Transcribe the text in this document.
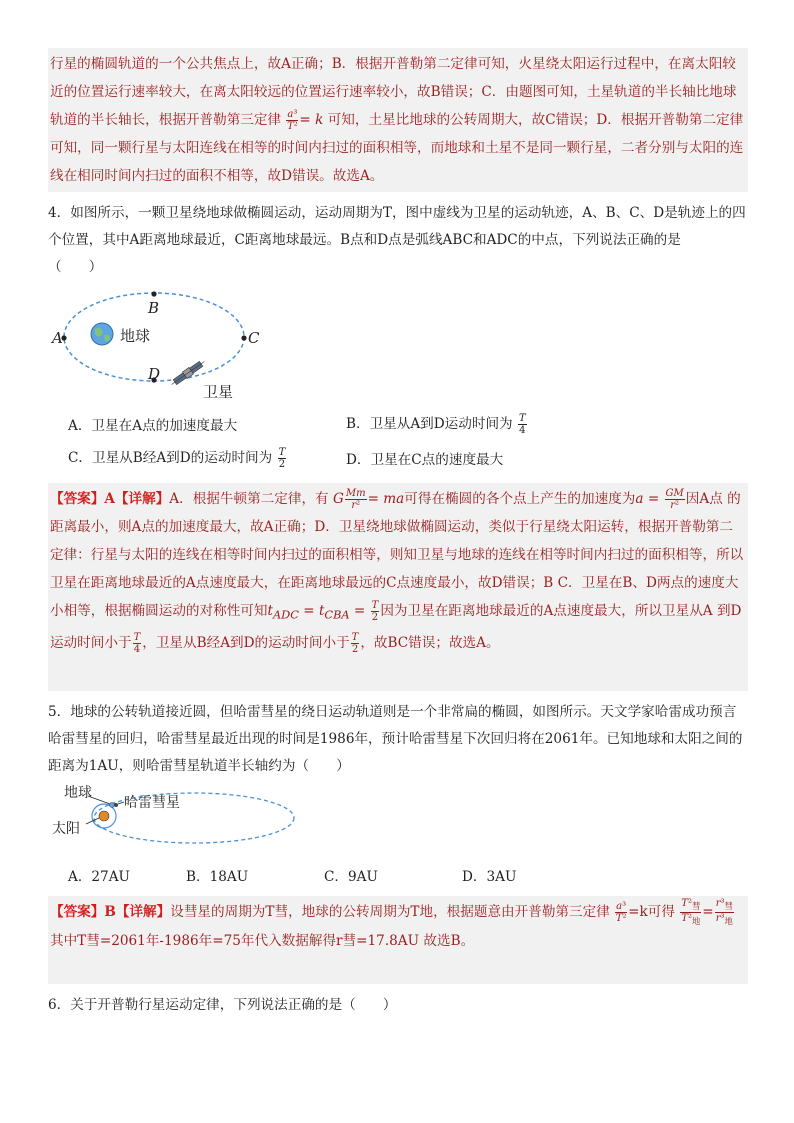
行星的椭圆轨道的一个公共焦点上，故A正确；B．根据开普勒第二定律可知，火星绕太阳运行过程中，在离太阳较近的位置运行速率较大，在离太阳较远的位置运行速率较小，故B错误；C．由题图可知，土星轨道的半长轴比地球轨道的半长轴长，根据开普勒第三定律 $\frac{\text{a³}}{\text{T²}} = k$ 可知，土星比地球的公转周期大，故C错误；D．根据开普勒第二定律可知，同一颗行星与太阳连线在相等的时间内扫过的面积相等，而地球和土星不是同一颗行星，二者分别与太阳的连线在相同时间内扫过的面积不相等，故D错误。故选A。
4．如图所示，一颗卫星绕地球做椭圆运动，运动周期为T，图中虚线为卫星的运动轨迹，A、B、C、D是轨迹上的四个位置，其中A距离地球最近，C距离地球最远。B点和D点是弧线ABC和ADC的中点，下列说法正确的是
（　　）
A	C
B
D
地球
卫星
A．卫星在A点的加速度最大	B．卫星从A到D运动时间为 $\frac{T}{4}$
C．卫星从B经A到D的运动时间为 $\frac{T}{2}$	D．卫星在C点的速度最大
【答案】A【详解】A．根据牛顿第二定律，有 G $\frac{Mm}{\text{r²}}$ = ma可得在椭圆的各个点上产生的加速度为$a = \frac{GM}{\text{r²}}$ 因A点 的距离最小，则A点的加速度最大，故A正确；D．卫星绕地球做椭圆运动，类似于行星绕太阳运转，根据开普勒第二定律：行星与太阳的连线在相等时间内扫过的面积相等，则知卫星与地球的连线在相等时间内扫过的面积相等，所以卫星在距离地球最近的A点速度最大，在距离地球最远的C点速度最小，故D错误；B C．卫星在B、D两点的速度大小相等，根据椭圆运动的对称性可知$t_{ADC} = t_{CBA} = \frac{T}{2}$ 因为卫星在距离地球最近的A点速度最大，所以卫星从A 到D运动时间小于 $\frac{T}{4}$ ，卫星从B经A到D的运动时间小于 $\frac{T}{2}$ ，故BC错误；故选A。
5．地球的公转轨道接近圆，但哈雷彗星的绕日运动轨道则是一个非常扁的椭圆，如图所示。天文学家哈雷成功预言哈雷彗星的回归，哈雷彗星最近出现的时间是1986年，预计哈雷彗星下次回归将在2061年。已知地球和太阳之间的距离为1AU，则哈雷彗星轨道半长轴约为（　　）
地球
太阳
哈雷彗星
A．27AU	B．18AU	C．9AU	D．3AU
【答案】B【详解】设彗星的周期为T彗，地球的公转周期为T地，根据题意由开普勒第三定律 $\frac{\text{a³}}{\text{T²}} =k$可得 $\frac{T^2_彗}{T^2_地} = \frac{r^3_彗}{r^3_地}$
其中T彗=2061年-1986年=75年代入数据解得r彗=17.8AU 故选B。
6．关于开普勒行星运动定律，下列说法正确的是（　　）
